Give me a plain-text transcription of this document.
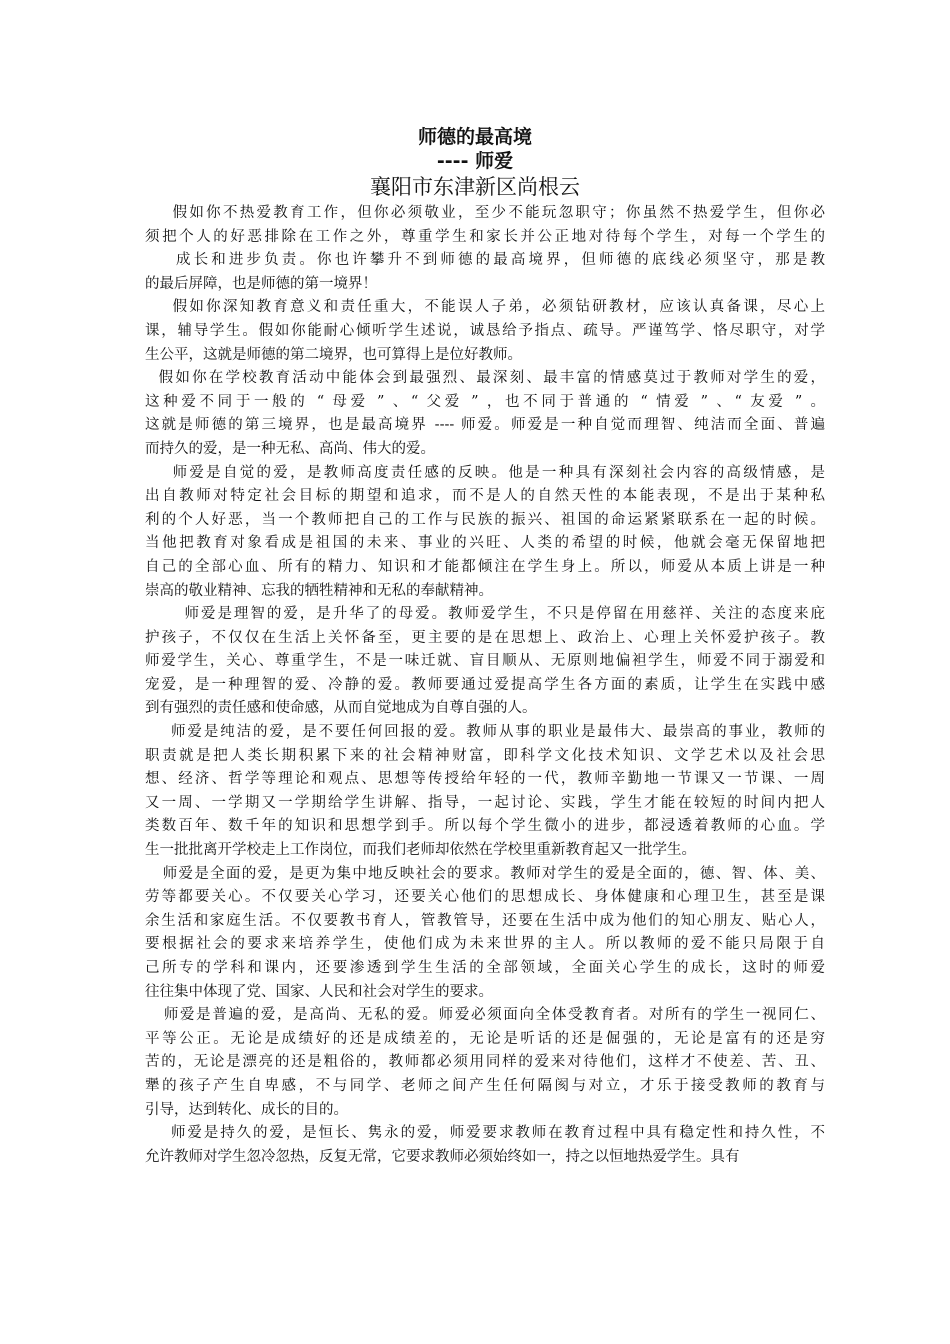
师德的最高境
---- 师爱
襄阳市东津新区尚根云
假如你不热爱教育工作，但你必须敬业，至少不能玩忽职守；你虽然不热爱学生，但你必
须把个人的好恶排除在工作之外，尊重学生和家长并公正地对待每个学生，对每一个学生的
成长和进步负责。你也许攀升不到师德的最高境界，但师德的底线必须坚守，那是教
的最后屏障，也是师德的第一境界！
假如你深知教育意义和责任重大，不能误人子弟，必须钻研教材，应该认真备课，尽心上
课，辅导学生。假如你能耐心倾听学生述说，诚恳给予指点、疏导。严谨笃学、恪尽职守，对学
生公平，这就是师德的第二境界，也可算得上是位好教师。
假如你在学校教育活动中能体会到最强烈、最深刻、最丰富的情感莫过于教师对学生的爱，
这种爱不同于一般的 “ 母爱 ” 、“ 父爱 ” ，也不同于普通的 “ 情爱 ” 、“ 友爱 ” 。
这就是师德的第三境界，也是最高境界 ---- 师爱。师爱是一种自觉而理智、纯洁而全面、普遍
而持久的爱，是一种无私、高尚、伟大的爱。
师爱是自觉的爱，是教师高度责任感的反映。他是一种具有深刻社会内容的高级情感，是
出自教师对特定社会目标的期望和追求，而不是人的自然天性的本能表现，不是出于某种私
利的个人好恶，当一个教师把自己的工作与民族的振兴、祖国的命运紧紧联系在一起的时候。
当他把教育对象看成是祖国的未来、事业的兴旺、人类的希望的时候，他就会毫无保留地把
自己的全部心血、所有的精力、知识和才能都倾注在学生身上。所以，师爱从本质上讲是一种
崇高的敬业精神、忘我的牺牲精神和无私的奉献精神。
师爱是理智的爱，是升华了的母爱。教师爱学生，不只是停留在用慈祥、关注的态度来庇
护孩子，不仅仅在生活上关怀备至，更主要的是在思想上、政治上、心理上关怀爱护孩子。教
师爱学生，关心、尊重学生，不是一味迁就、盲目顺从、无原则地偏袒学生，师爱不同于溺爱和
宠爱，是一种理智的爱、冷静的爱。教师要通过爱提高学生各方面的素质，让学生在实践中感
到有强烈的责任感和使命感，从而自觉地成为自尊自强的人。
师爱是纯洁的爱，是不要任何回报的爱。教师从事的职业是最伟大、最崇高的事业，教师的
职责就是把人类长期积累下来的社会精神财富，即科学文化技术知识、文学艺术以及社会思
想、经济、哲学等理论和观点、思想等传授给年轻的一代，教师辛勤地一节课又一节课、一周
又一周、一学期又一学期给学生讲解、指导，一起讨论、实践，学生才能在较短的时间内把人
类数百年、数千年的知识和思想学到手。所以每个学生微小的进步，都浸透着教师的心血。学
生一批批离开学校走上工作岗位，而我们老师却依然在学校里重新教育起又一批学生。
师爱是全面的爱，是更为集中地反映社会的要求。教师对学生的爱是全面的，德、智、体、美、
劳等都要关心。不仅要关心学习，还要关心他们的思想成长、身体健康和心理卫生，甚至是课
余生活和家庭生活。不仅要教书育人，管教管导，还要在生活中成为他们的知心朋友、贴心人，
要根据社会的要求来培养学生，使他们成为未来世界的主人。所以教师的爱不能只局限于自
己所专的学科和课内，还要渗透到学生生活的全部领域，全面关心学生的成长，这时的师爱
往往集中体现了党、国家、人民和社会对学生的要求。
师爱是普遍的爱，是高尚、无私的爱。师爱必须面向全体受教育者。对所有的学生一视同仁、
平等公正。无论是成绩好的还是成绩差的，无论是听话的还是倔强的，无论是富有的还是穷
苦的，无论是漂亮的还是粗俗的，教师都必须用同样的爱来对待他们，这样才不使差、苦、丑、
犟的孩子产生自卑感，不与同学、老师之间产生任何隔阂与对立，才乐于接受教师的教育与
引导，达到转化、成长的目的。
师爱是持久的爱，是恒长、隽永的爱，师爱要求教师在教育过程中具有稳定性和持久性，不
允许教师对学生忽冷忽热，反复无常，它要求教师必须始终如一，持之以恒地热爱学生。具有
